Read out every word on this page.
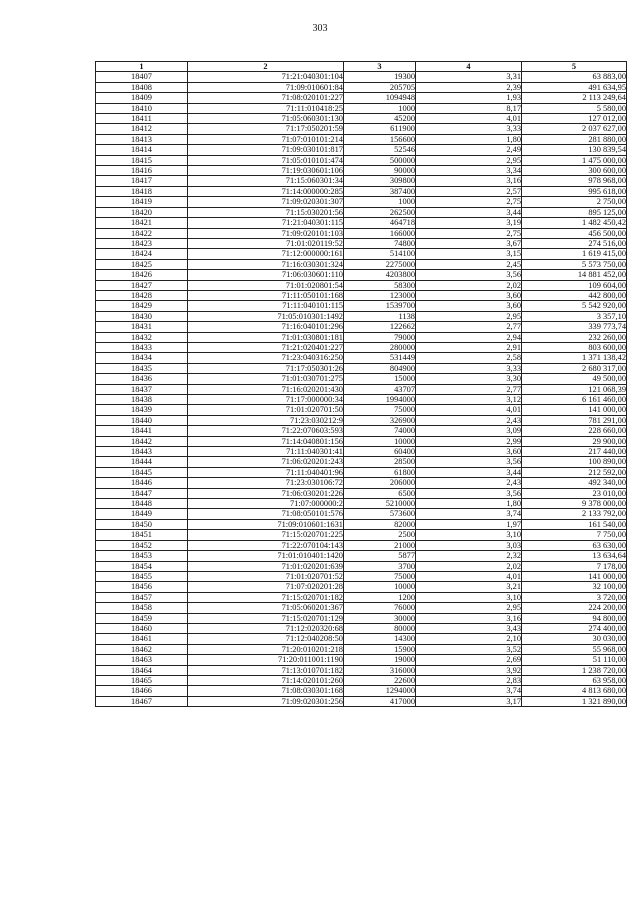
303
1	2	3	4	5
18407	71:21:040301:104	19300	3,31	63 883,00
18408	71:09:010601:84	205705	2,39	491 634,95
18409	71:08:020101:227	1094948	1,93	2 113 249,64
18410	71:11:010418:25	1000	8,17	5 580,00
18411	71:05:060301:130	45200	4,01	127 012,00
18412	71:17:050201:59	611900	3,33	2 037 627,00
18413	71:07:010101:214	156600	1,80	281 880,00
18414	71:09:030101:817	52546	2,49	130 839,54
18415	71:05:010101:474	500000	2,95	1 475 000,00
18416	71:19:030601:106	90000	3,34	300 600,00
18417	71:15:060301:34	309800	3,16	978 968,00
18418	71:14:000000:285	387400	2,57	995 618,00
18419	71:09:020301:307	1000	2,75	2 750,00
18420	71:15:030201:56	262500	3,44	895 125,00
18421	71:21:040301:115	464718	3,19	1 482 450,42
18422	71:09:020101:103	166000	2,75	456 500,00
18423	71:01:020119:52	74800	3,67	274 516,00
18424	71:12:000000:161	514100	3,15	1 619 415,00
18425	71:16:030301:324	2275000	2,45	5 573 750,00
18426	71:06:030601:110	4203800	3,56	14 881 452,00
18427	71:01:020801:54	58300	2,02	109 604,00
18428	71:11:050101:168	123000	3,60	442 800,00
18429	71:11:040101:115	1539700	3,60	5 542 920,00
18430	71:05:010301:1492	1138	2,95	3 357,10
18431	71:16:040101:296	122662	2,77	339 773,74
18432	71:01:030801:181	79000	2,94	232 260,00
18433	71:21:020401:227	280000	2,91	803 600,00
18434	71:23:040316:250	531449	2,58	1 371 138,42
18435	71:17:050301:26	804900	3,33	2 680 317,00
18436	71:01:030701:275	15000	3,30	49 500,00
18437	71:16:020201:430	43707	2,77	121 068,39
18438	71:17:000000:34	1994000	3,12	6 161 460,00
18439	71:01:020701:50	75000	4,01	141 000,00
18440	71:23:030212:9	326900	2,43	781 291,00
18441	71:22:070603:593	74000	3,09	228 660,00
18442	71:14:040801:156	10000	2,99	29 900,00
18443	71:11:040301:41	60400	3,60	217 440,00
18444	71:06:020201:243	28500	3,56	100 890,00
18445	71:11:040401:96	61800	3,44	212 592,00
18446	71:23:030106:72	206000	2,43	492 340,00
18447	71:06:030201:226	6500	3,56	23 010,00
18448	71:07:000000:2	5210000	1,80	9 378 000,00
18449	71:08:050101:576	573600	3,74	2 133 792,00
18450	71:09:010601:1631	82000	1,97	161 540,00
18451	71:15:020701:225	2500	3,10	7 750,00
18452	71:22:070104:143	21000	3,03	63 630,00
18453	71:01:010401:1420	5877	2,32	13 634,64
18454	71:01:020201:639	3700	2,02	7 178,00
18455	71:01:020701:52	75000	4,01	141 000,00
18456	71:07:020201:28	10000	3,21	32 100,00
18457	71:15:020701:182	1200	3,10	3 720,00
18458	71:05:060201:367	76000	2,95	224 200,00
18459	71:15:020701:129	30000	3,16	94 800,00
18460	71:12:020320:68	80000	3,43	274 400,00
18461	71:12:040208:50	14300	2,10	30 030,00
18462	71:20:010201:218	15900	3,52	55 968,00
18463	71:20:011001:1190	19000	2,69	51 110,00
18464	71:13:010701:182	316000	3,92	1 238 720,00
18465	71:14:020101:260	22600	2,83	63 958,00
18466	71:08:030301:168	1294000	3,74	4 813 680,00
18467	71:09:020301:256	417000	3,17	1 321 890,00
